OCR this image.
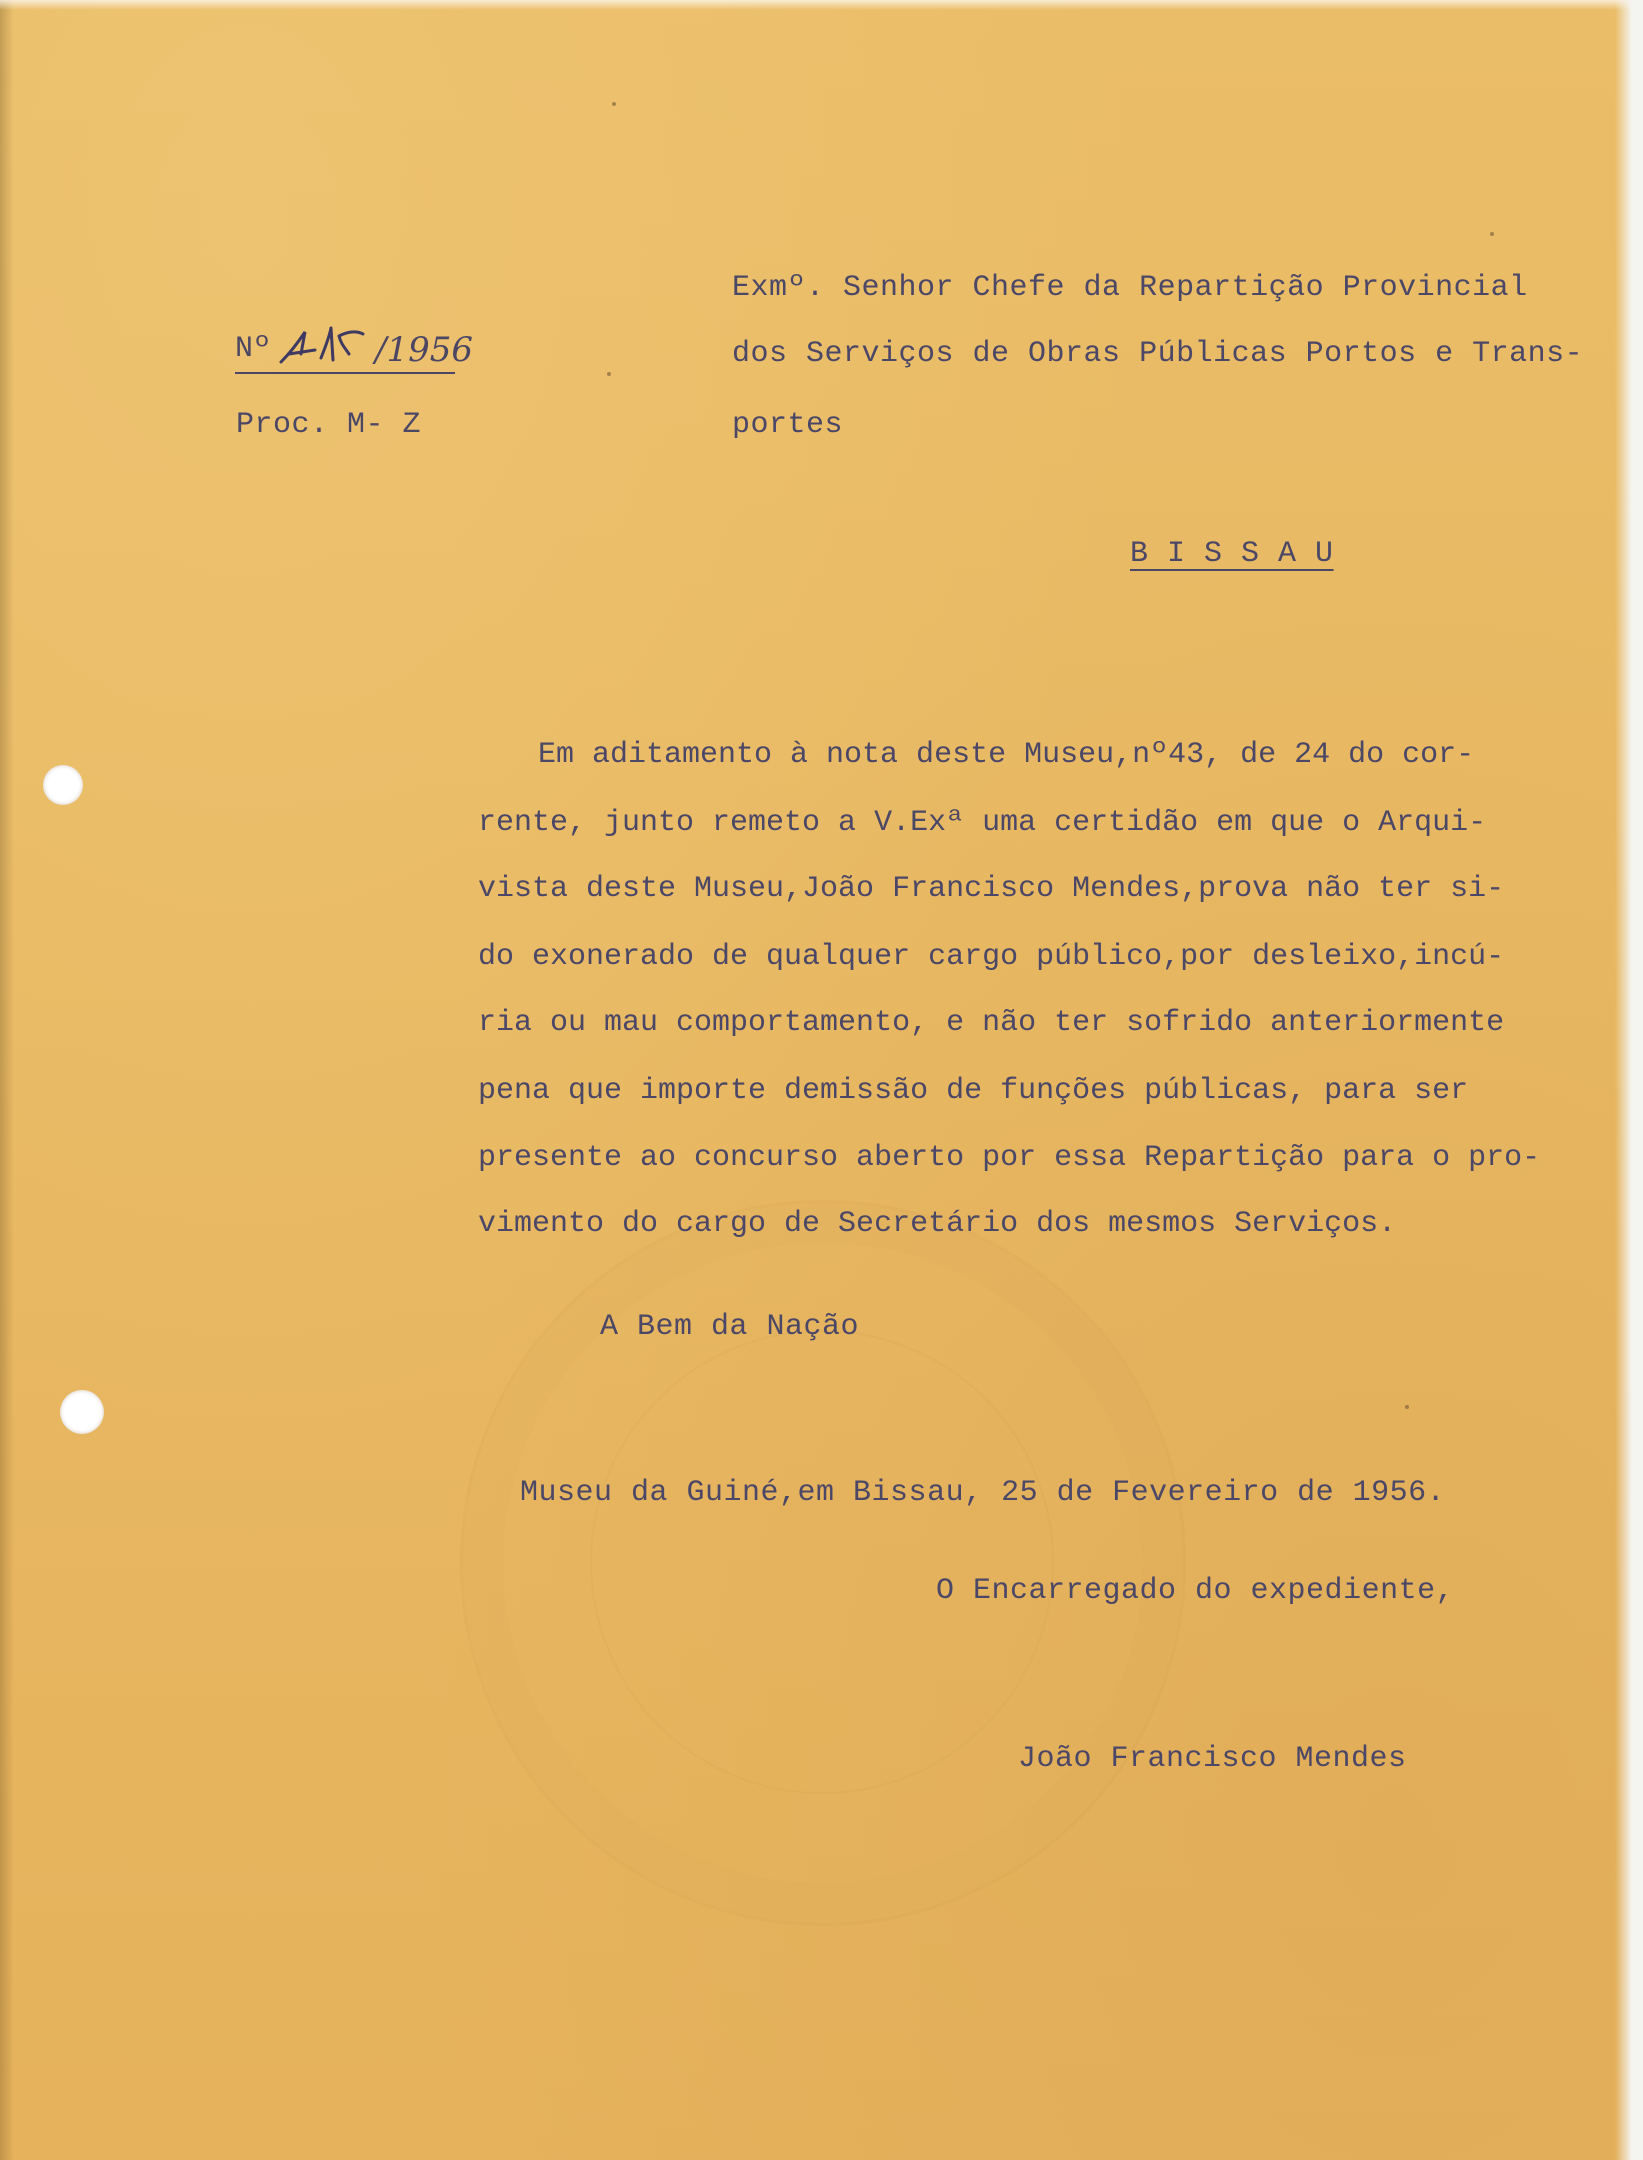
Nº	/1956
Proc. M- Z
Exmº. Senhor Chefe da Repartição Provincial
dos Serviços de Obras Públicas Portos e Trans-
portes
B I S S A U
Em aditamento à nota deste Museu,nº43, de 24 do cor-
rente, junto remeto a V.Exª uma certidão em que o Arqui-
vista deste Museu,João Francisco Mendes,prova não ter si-
do exonerado de qualquer cargo público,por desleixo,incú-
ria ou mau comportamento, e não ter sofrido anteriormente
pena que importe demissão de funções públicas, para ser
presente ao concurso aberto por essa Repartição para o pro-
vimento do cargo de Secretário dos mesmos Serviços.
A Bem da Nação
Museu da Guiné,em Bissau, 25 de Fevereiro de 1956.
O Encarregado do expediente,
João Francisco Mendes
